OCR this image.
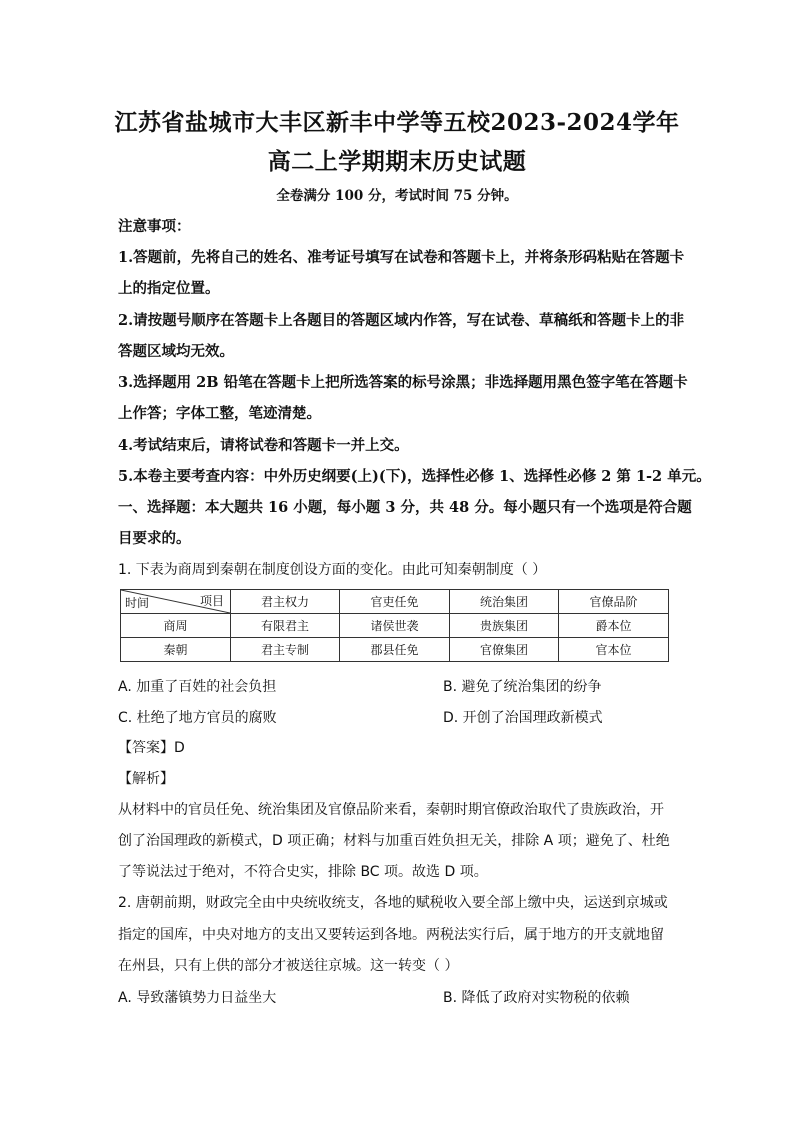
江苏省盐城市大丰区新丰中学等五校2023-2024学年
高二上学期期末历史试题
全卷满分 100 分，考试时间 75 分钟。
注意事项：
1.答题前，先将自己的姓名、准考证号填写在试卷和答题卡上，并将条形码粘贴在答题卡
上的指定位置。
2.请按题号顺序在答题卡上各题目的答题区域内作答，写在试卷、草稿纸和答题卡上的非
答题区域均无效。
3.选择题用 2B 铅笔在答题卡上把所选答案的标号涂黑；非选择题用黑色签字笔在答题卡
上作答；字体工整，笔迹清楚。
4.考试结束后，请将试卷和答题卡一并上交。
5.本卷主要考查内容：中外历史纲要(上)(下)，选择性必修 1、选择性必修 2 第 1-2 单元。
一、选择题：本大题共 16 小题，每小题 3 分，共 48 分。每小题只有一个选项是符合题
目要求的。
1. 下表为商周到秦朝在制度创设方面的变化。由此可知秦朝制度（ ）
项目
时间	君主权力	官吏任免	统治集团	官僚品阶
商周	有限君主	诸侯世袭	贵族集团	爵本位
秦朝	君主专制	郡县任免	官僚集团	官本位
A. 加重了百姓的社会负担	B. 避免了统治集团的纷争
C. 杜绝了地方官员的腐败	D. 开创了治国理政新模式
【答案】D
【解析】
从材料中的官员任免、统治集团及官僚品阶来看，秦朝时期官僚政治取代了贵族政治，开
创了治国理政的新模式，D 项正确；材料与加重百姓负担无关，排除 A 项；避免了、杜绝
了等说法过于绝对，不符合史实，排除 BC 项。故选 D 项。
2. 唐朝前期，财政完全由中央统收统支，各地的赋税收入要全部上缴中央，运送到京城或
指定的国库，中央对地方的支出又要转运到各地。两税法实行后，属于地方的开支就地留
在州县，只有上供的部分才被送往京城。这一转变（ ）
A. 导致藩镇势力日益坐大	B. 降低了政府对实物税的依赖
